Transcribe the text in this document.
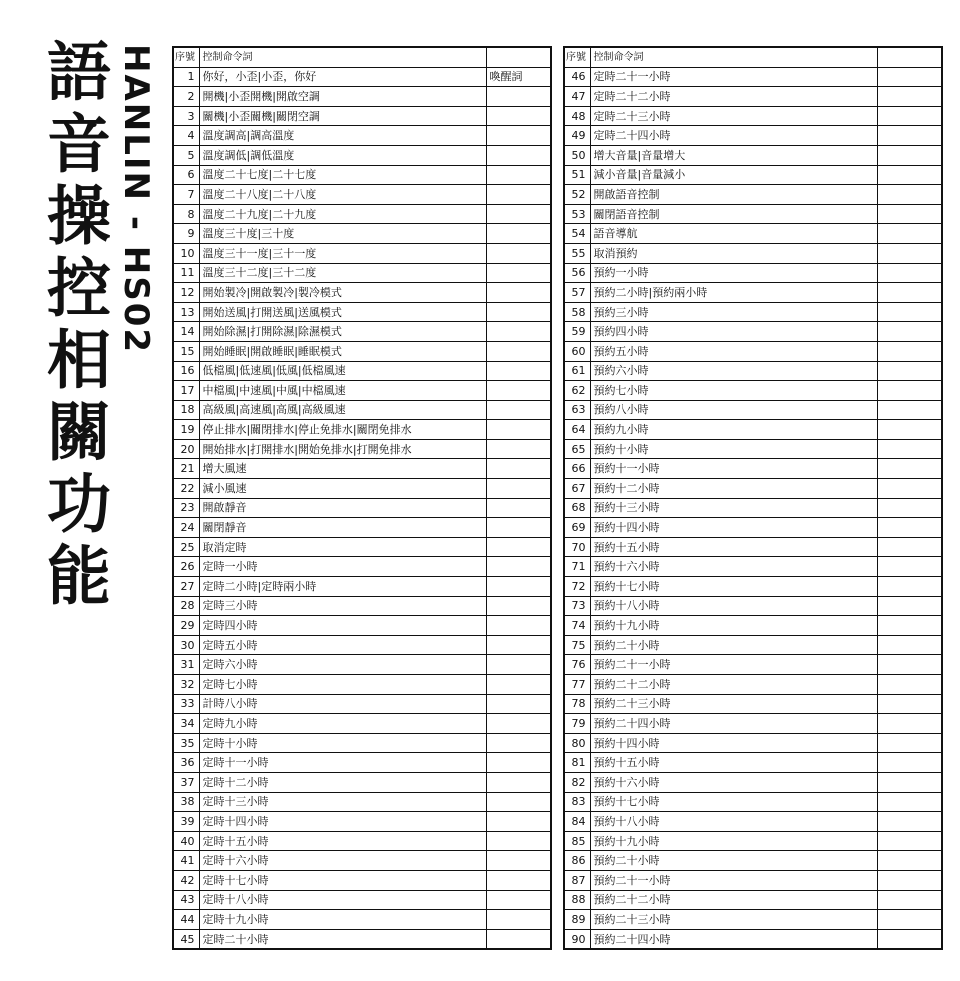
語音操控相關功能 HANLIN - HS02 序號	控制命令詞	
1	你好，小歪|小歪，你好	喚醒詞
2	開機|小歪開機|開啟空調	
3	關機|小歪關機|關閉空調	
4	溫度調高|調高溫度	
5	溫度調低|調低溫度	
6	溫度二十七度|二十七度	
7	溫度二十八度|二十八度	
8	溫度二十九度|二十九度	
9	溫度三十度|三十度	
10	溫度三十一度|三十一度	
11	溫度三十二度|三十二度	
12	開始製冷|開啟製冷|製冷模式	
13	開始送風|打開送風|送風模式	
14	開始除濕|打開除濕|除濕模式	
15	開始睡眠|開啟睡眠|睡眠模式	
16	低檔風|低速風|低風|低檔風速	
17	中檔風|中速風|中風|中檔風速	
18	高級風|高速風|高風|高級風速	
19	停止排水|關閉排水|停止免排水|關閉免排水	
20	開始排水|打開排水|開始免排水|打開免排水	
21	增大風速	
22	減小風速	
23	開啟靜音	
24	關閉靜音	
25	取消定時	
26	定時一小時	
27	定時二小時|定時兩小時	
28	定時三小時	
29	定時四小時	
30	定時五小時	
31	定時六小時	
32	定時七小時	
33	計時八小時	
34	定時九小時	
35	定時十小時	
36	定時十一小時	
37	定時十二小時	
38	定時十三小時	
39	定時十四小時	
40	定時十五小時	
41	定時十六小時	
42	定時十七小時	
43	定時十八小時	
44	定時十九小時	
45	定時二十小時	
序號	控制命令詞	
46	定時二十一小時	
47	定時二十二小時	
48	定時二十三小時	
49	定時二十四小時	
50	增大音量|音量增大	
51	減小音量|音量減小	
52	開啟語音控制	
53	關閉語音控制	
54	語音導航	
55	取消預約	
56	預約一小時	
57	預約二小時|預約兩小時	
58	預約三小時	
59	預約四小時	
60	預約五小時	
61	預約六小時	
62	預約七小時	
63	預約八小時	
64	預約九小時	
65	預約十小時	
66	預約十一小時	
67	預約十二小時	
68	預約十三小時	
69	預約十四小時	
70	預約十五小時	
71	預約十六小時	
72	預約十七小時	
73	預約十八小時	
74	預約十九小時	
75	預約二十小時	
76	預約二十一小時	
77	預約二十二小時	
78	預約二十三小時	
79	預約二十四小時	
80	預約十四小時	
81	預約十五小時	
82	預約十六小時	
83	預約十七小時	
84	預約十八小時	
85	預約十九小時	
86	預約二十小時	
87	預約二十一小時	
88	預約二十二小時	
89	預約二十三小時	
90	預約二十四小時	
